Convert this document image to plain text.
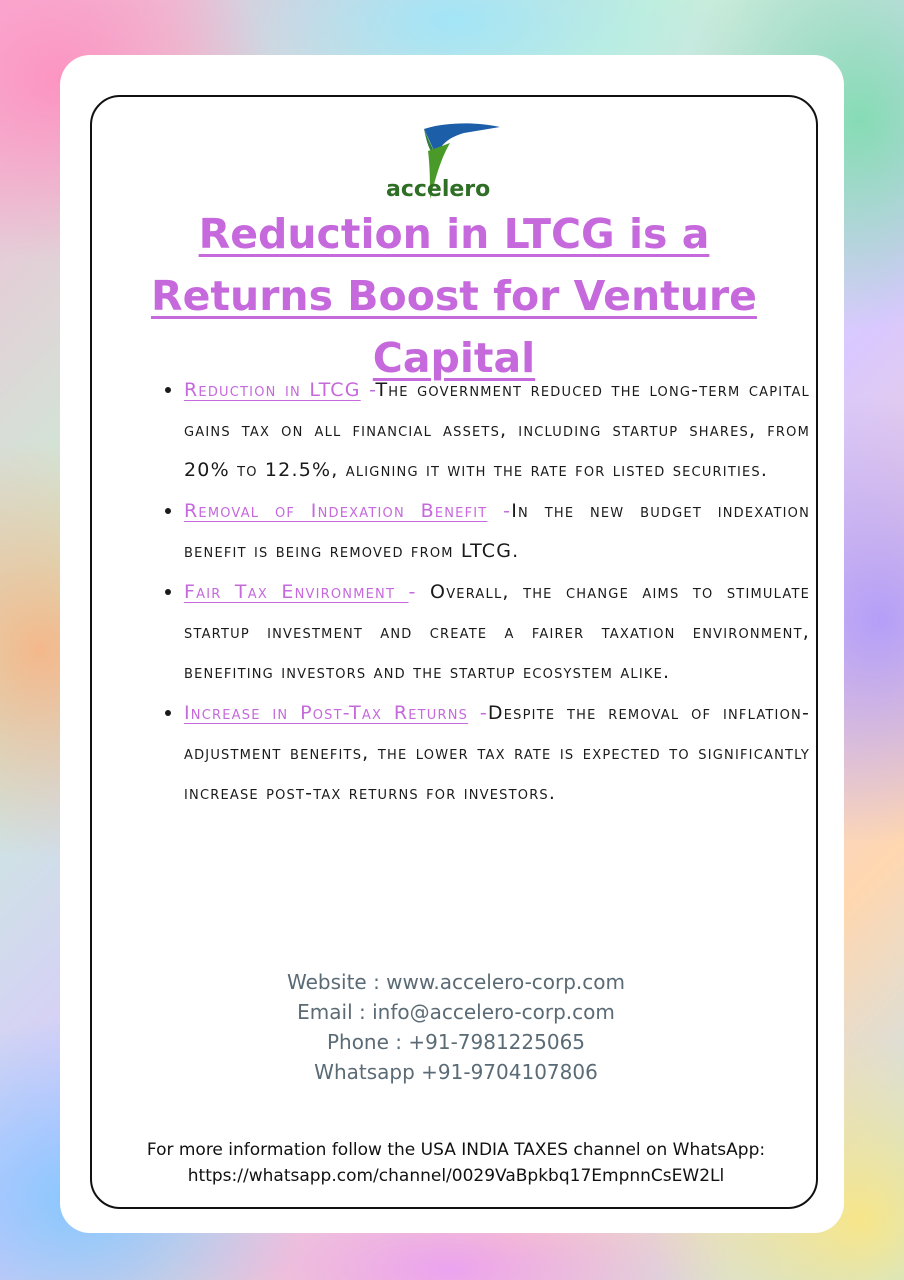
accelero
Reduction in LTCG is a Returns Boost for Venture Capital
• Reduction in LTCG -The government reduced the long-term capital gains tax on all financial assets, including startup shares, from 20% to 12.5%, aligning it with the rate for listed securities.
• Removal of Indexation Benefit -In the new budget indexation benefit is being removed from LTCG.
• Fair Tax Environment - Overall, the change aims to stimulate startup investment and create a fairer taxation environment, benefiting investors and the startup ecosystem alike.
• Increase in Post-Tax Returns -Despite the removal of inflation-adjustment benefits, the lower tax rate is expected to significantly increase post-tax returns for investors.
Website : www.accelero-corp.com
Email : info@accelero-corp.com
Phone : +91-7981225065
Whatsapp +91-9704107806
For more information follow the USA INDIA TAXES channel on WhatsApp:
https://whatsapp.com/channel/0029VaBpkbq17EmpnnCsEW2Ll
